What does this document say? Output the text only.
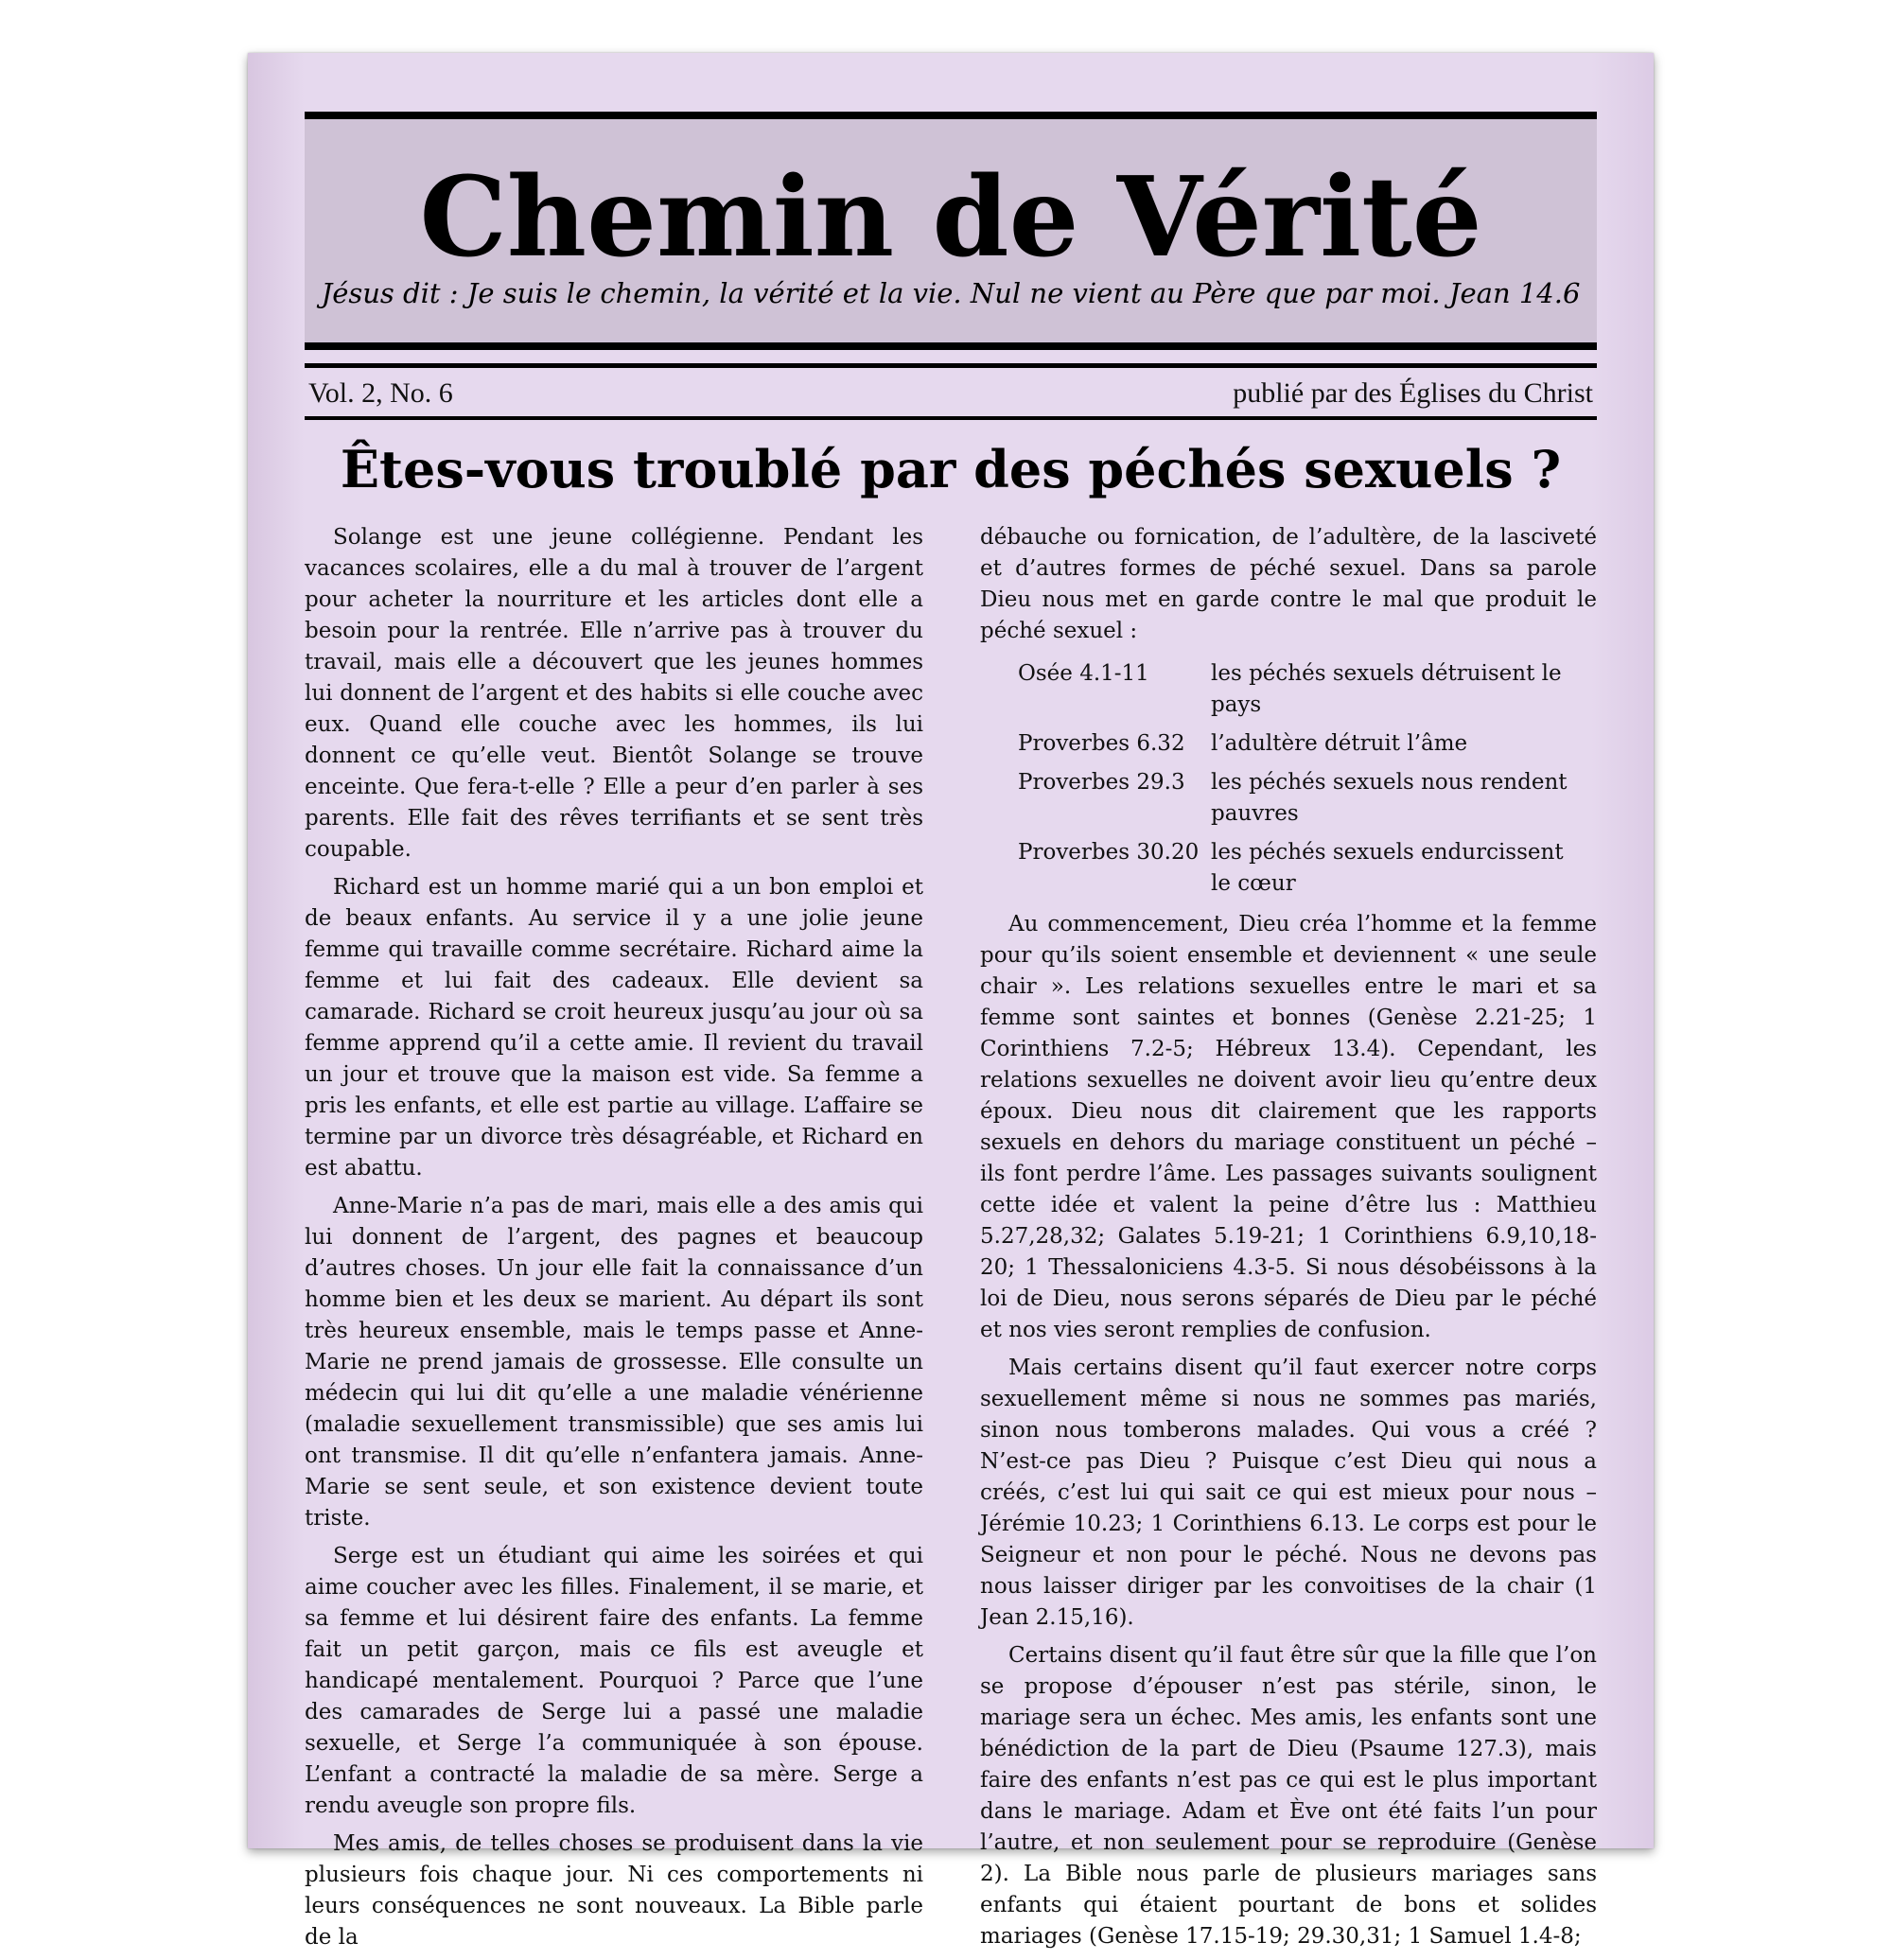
Chemin de Vérité
Jésus dit : Je suis le chemin, la vérité et la vie. Nul ne vient au Père que par moi. Jean 14.6
Vol. 2, No. 6	publié par des Églises du Christ
Êtes-vous troublé par des péchés sexuels ?

Solange est une jeune collégienne. Pendant les vacances scolaires, elle a du mal à trouver de l’argent pour acheter la nourriture et les articles dont elle a besoin pour la rentrée. Elle n’arrive pas à trouver du travail, mais elle a découvert que les jeunes hommes lui donnent de l’argent et des habits si elle couche avec eux. Quand elle couche avec les hommes, ils lui donnent ce qu’elle veut. Bientôt Solange se trouve enceinte. Que fera-t-elle ? Elle a peur d’en parler à ses parents. Elle fait des rêves terrifiants et se sent très coupable.

Richard est un homme marié qui a un bon emploi et de beaux enfants. Au service il y a une jolie jeune femme qui travaille comme secrétaire. Richard aime la femme et lui fait des cadeaux. Elle devient sa camarade. Richard se croit heureux jusqu’au jour où sa femme apprend qu’il a cette amie. Il revient du travail un jour et trouve que la maison est vide. Sa femme a pris les enfants, et elle est partie au village. L’affaire se termine par un divorce très désagréable, et Richard en est abattu.

Anne-Marie n’a pas de mari, mais elle a des amis qui lui donnent de l’argent, des pagnes et beaucoup d’autres choses. Un jour elle fait la connaissance d’un homme bien et les deux se marient. Au départ ils sont très heureux ensemble, mais le temps passe et Anne-Marie ne prend jamais de grossesse. Elle consulte un médecin qui lui dit qu’elle a une maladie vénérienne (maladie sexuellement transmissible) que ses amis lui ont transmise. Il dit qu’elle n’enfantera jamais. Anne-Marie se sent seule, et son existence devient toute triste.

Serge est un étudiant qui aime les soirées et qui aime coucher avec les filles. Finalement, il se marie, et sa femme et lui désirent faire des enfants. La femme fait un petit garçon, mais ce fils est aveugle et handicapé mentalement. Pourquoi ? Parce que l’une des camarades de Serge lui a passé une maladie sexuelle, et Serge l’a communiquée à son épouse. L’enfant a contracté la maladie de sa mère. Serge a rendu aveugle son propre fils.

Mes amis, de telles choses se produisent dans la vie plusieurs fois chaque jour. Ni ces comportements ni leurs conséquences ne sont nouveaux. La Bible parle de la

débauche ou fornication, de l’adultère, de la lasciveté et d’autres formes de péché sexuel. Dans sa parole Dieu nous met en garde contre le mal que produit le péché sexuel :

Osée 4.1-11	les péchés sexuels détruisent le pays
Proverbes 6.32	l’adultère détruit l’âme
Proverbes 29.3	les péchés sexuels nous rendent pauvres
Proverbes 30.20 les péchés sexuels endurcissent le cœur

Au commencement, Dieu créa l’homme et la femme pour qu’ils soient ensemble et deviennent « une seule chair ». Les relations sexuelles entre le mari et sa femme sont saintes et bonnes (Genèse 2.21-25; 1 Corinthiens 7.2-5; Hébreux 13.4). Cependant, les relations sexuelles ne doivent avoir lieu qu’entre deux époux. Dieu nous dit clairement que les rapports sexuels en dehors du mariage constituent un péché – ils font perdre l’âme. Les passages suivants soulignent cette idée et valent la peine d’être lus : Matthieu 5.27,28,32; Galates 5.19-21; 1 Corinthiens 6.9,10,18-20; 1 Thessaloniciens 4.3-5. Si nous désobéissons à la loi de Dieu, nous serons séparés de Dieu par le péché et nos vies seront remplies de confusion.

Mais certains disent qu’il faut exercer notre corps sexuellement même si nous ne sommes pas mariés, sinon nous tomberons malades. Qui vous a créé ? N’est-ce pas Dieu ? Puisque c’est Dieu qui nous a créés, c’est lui qui sait ce qui est mieux pour nous – Jérémie 10.23; 1 Corinthiens 6.13. Le corps est pour le Seigneur et non pour le péché. Nous ne devons pas nous laisser diriger par les convoitises de la chair (1 Jean 2.15,16).

Certains disent qu’il faut être sûr que la fille que l’on se propose d’épouser n’est pas stérile, sinon, le mariage sera un échec. Mes amis, les enfants sont une bénédiction de la part de Dieu (Psaume 127.3), mais faire des enfants n’est pas ce qui est le plus important dans le mariage. Adam et Ève ont été faits l’un pour l’autre, et non seulement pour se reproduire (Genèse 2). La Bible nous parle de plusieurs mariages sans enfants qui étaient pourtant de bons et solides mariages (Genèse 17.15-19; 29.30,31; 1 Samuel 1.4-8;
